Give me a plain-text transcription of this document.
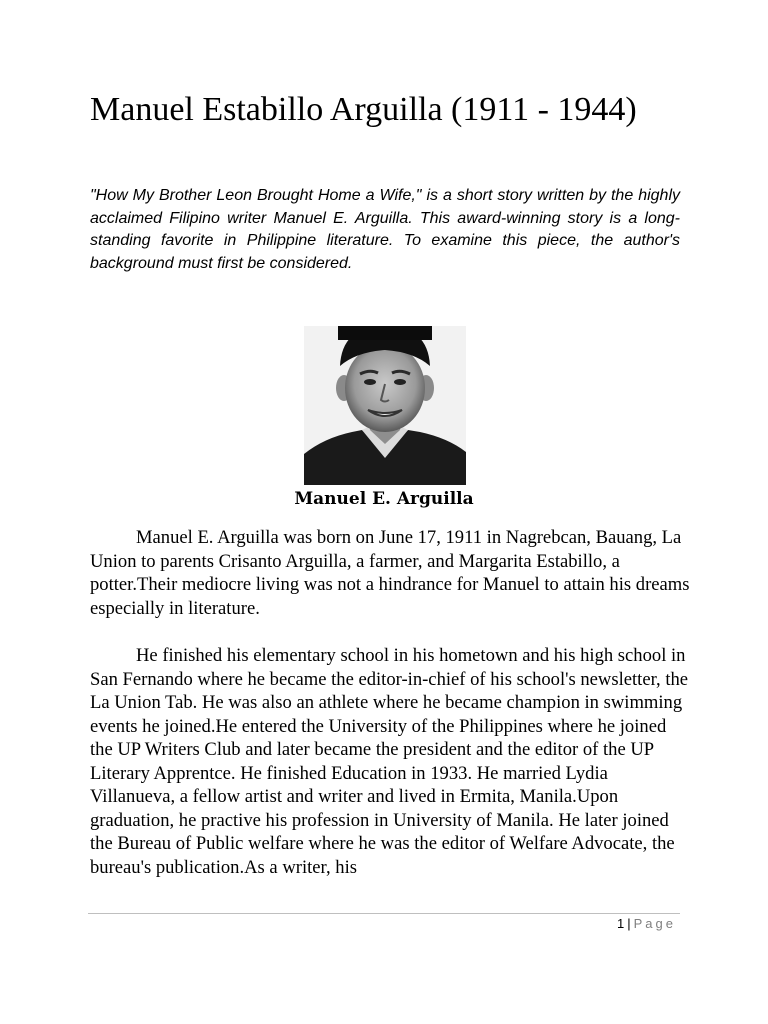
Manuel Estabillo Arguilla (1911 - 1944)

"How My Brother Leon Brought Home a Wife," is a short story written by the highly acclaimed Filipino writer Manuel E. Arguilla. This award-winning story is a long-standing favorite in Philippine literature. To examine this piece, the author's background must first be considered.

Manuel E. Arguilla

Manuel E. Arguilla was born on June 17, 1911 in Nagrebcan, Bauang, La Union to parents Crisanto Arguilla, a farmer, and Margarita Estabillo, a potter.Their mediocre living was not a hindrance for Manuel to attain his dreams especially in literature.

He finished his elementary school in his hometown and his high school in San Fernando where he became the editor-in-chief of his school's newsletter, the La Union Tab. He was also an athlete where he became champion in swimming events he joined.He entered the University of the Philippines where he joined the UP Writers Club and later became the president and the editor of the UP Literary Apprentce. He finished Education in 1933. He married Lydia Villanueva, a fellow artist and writer and lived in Ermita, Manila.Upon graduation, he practive his profession in University of Manila. He later joined the Bureau of Public welfare where he was the editor of Welfare Advocate, the bureau's publication.As a writer, his

1 | Page
